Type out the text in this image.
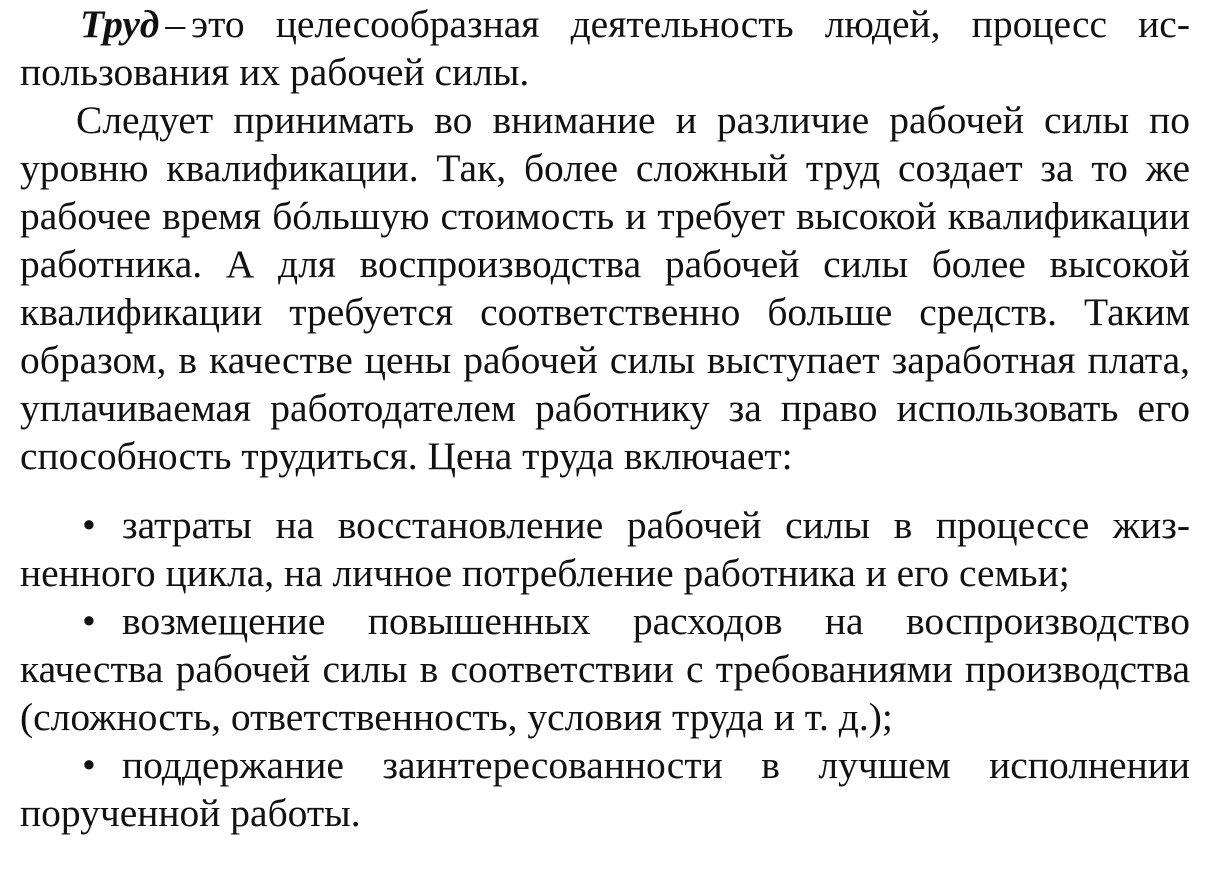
Труд – это целесообразная деятельность людей, процесс использования их рабочей силы.

Следует принимать во внимание и различие рабочей силы по уровню квалификации. Так, более сложный труд создает за то же рабочее время бóльшую стоимость и требует высокой квалификации работника. А для воспроизводства рабочей силы более высокой квалификации требуется соответственно больше средств. Таким образом, в качестве цены рабочей силы выступает заработная плата, уплачиваемая работодателем работнику за право использовать его способность трудиться. Цена труда включает:

• затраты на восстановление рабочей силы в процессе жизненного цикла, на личное потребление работника и его семьи;
• возмещение повышенных расходов на воспроизводство качества рабочей силы в соответствии с требованиями производства (сложность, ответственность, условия труда и т. д.);
• поддержание заинтересованности в лучшем исполнении порученной работы.
